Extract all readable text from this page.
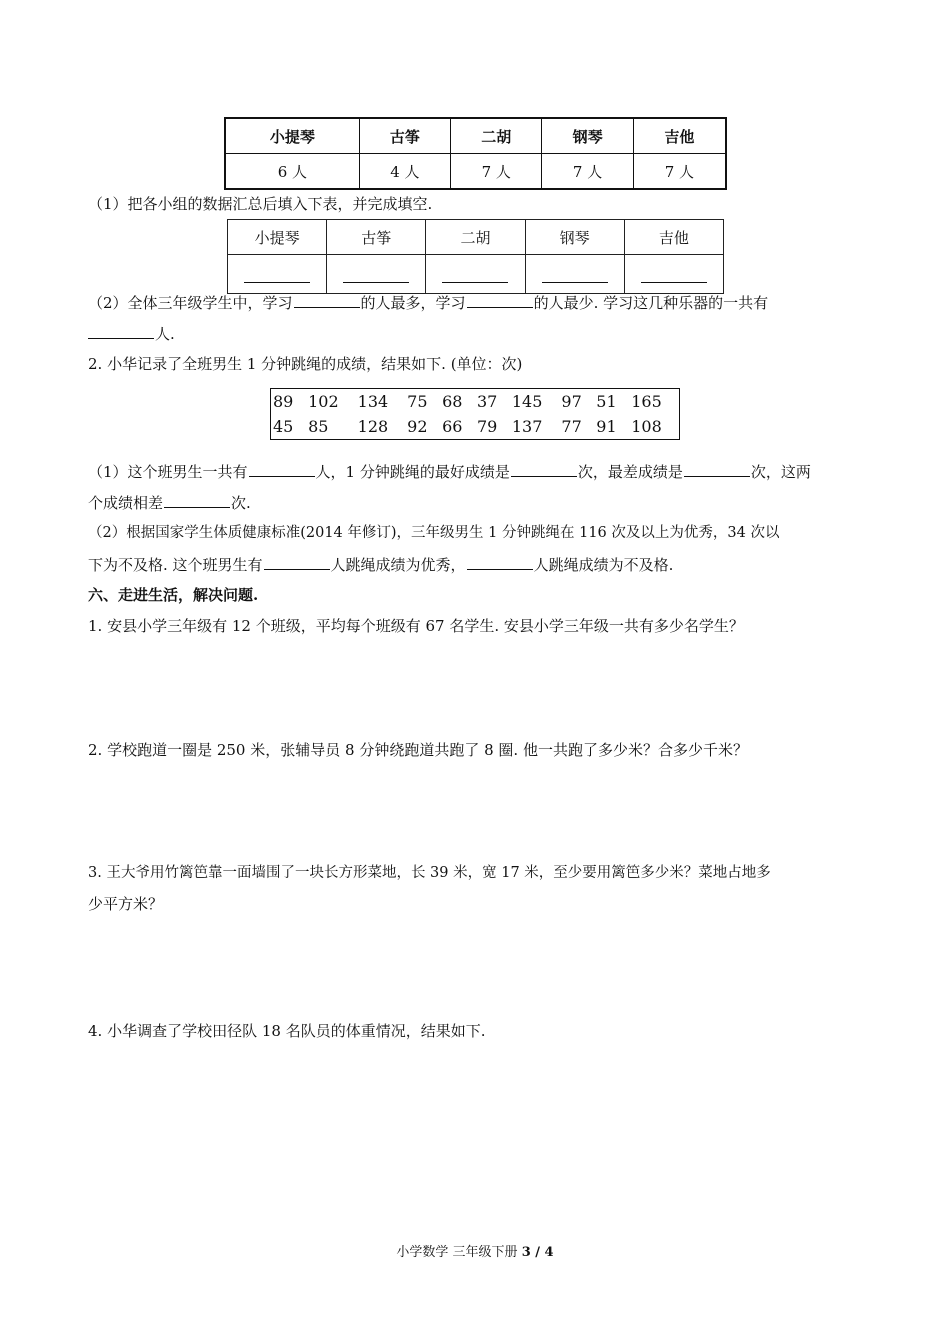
小提琴	古筝	二胡	钢琴	吉他
6 人	4 人	7 人	7 人	7 人
（1）把各小组的数据汇总后填入下表，并完成填空.
小提琴	古筝	二胡	钢琴	吉他

（2）全体三年级学生中，学习	的人最多，学习	的人最少. 学习这几种乐器的一共有
人.
2. 小华记录了全班男生 1 分钟跳绳的成绩，结果如下. (单位：次)
89	102	134	75	68	37	145	97	51	165
45	85	128	92	66	79	137	77	91	108
（1）这个班男生一共有	人，1 分钟跳绳的最好成绩是	次，最差成绩是	次，这两
个成绩相差	次.
（2）根据国家学生体质健康标准(2014 年修订)，三年级男生 1 分钟跳绳在 116 次及以上为优秀，34 次以
下为不及格. 这个班男生有	人跳绳成绩为优秀，	人跳绳成绩为不及格.
六、走进生活，解决问题.
1. 安县小学三年级有 12 个班级，平均每个班级有 67 名学生. 安县小学三年级一共有多少名学生？
2. 学校跑道一圈是 250 米，张辅导员 8 分钟绕跑道共跑了 8 圈. 他一共跑了多少米？合多少千米？
3. 王大爷用竹篱笆靠一面墙围了一块长方形菜地，长 39 米，宽 17 米，至少要用篱笆多少米？菜地占地多
少平方米？
4. 小华调查了学校田径队 18 名队员的体重情况，结果如下.
小学数学 三年级下册 3 / 4
